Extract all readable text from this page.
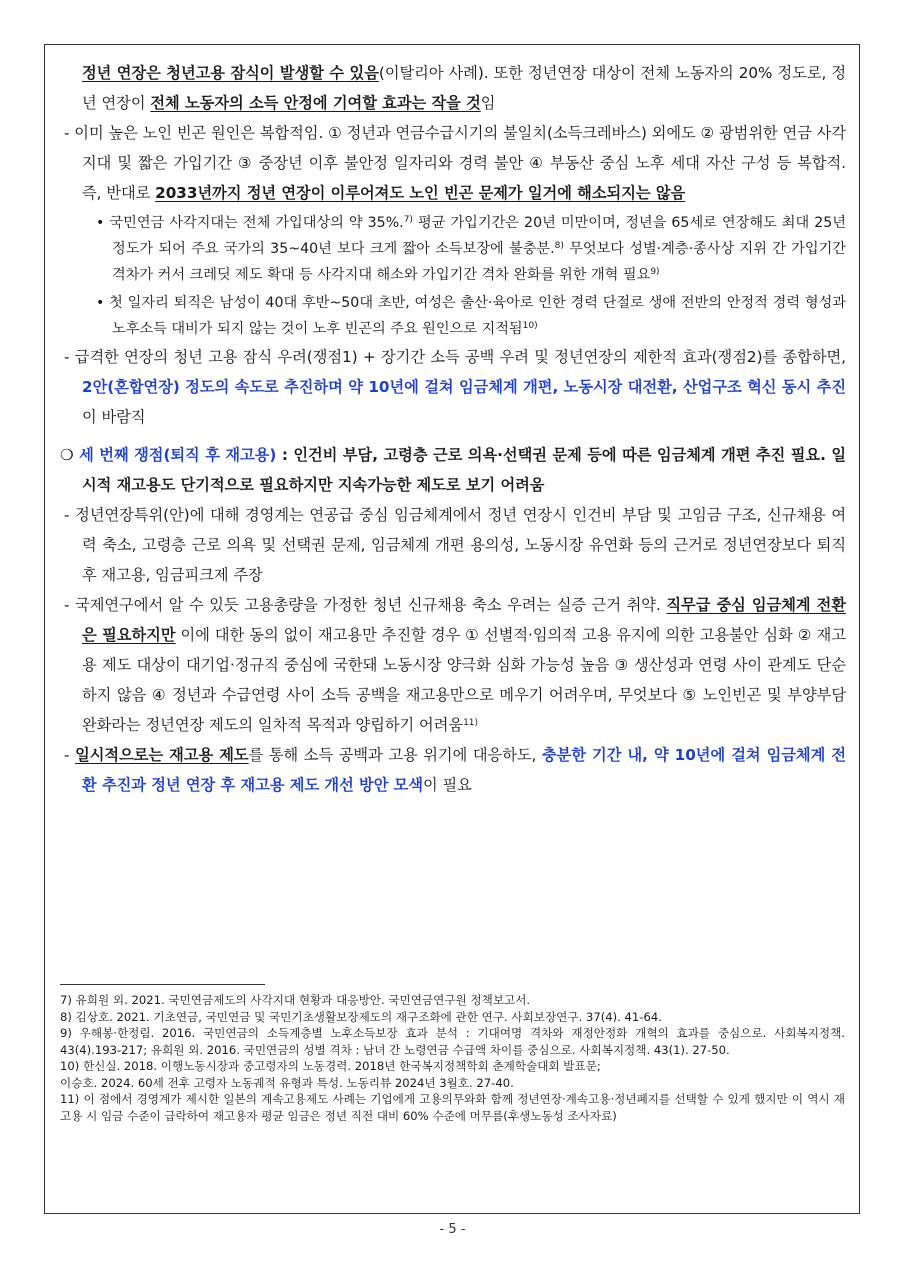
정년 연장은 청년고용 잠식이 발생할 수 있음(이탈리아 사례). 또한 정년연장 대상이 전체 노동자의 20% 정도로, 정년 연장이 전체 노동자의 소득 안정에 기여할 효과는 작을 것임

- 이미 높은 노인 빈곤 원인은 복합적임. ① 정년과 연금수급시기의 불일치(소득크레바스) 외에도 ② 광범위한 연금 사각지대 및 짧은 가입기간 ③ 중장년 이후 불안정 일자리와 경력 불안 ④ 부동산 중심 노후 세대 자산 구성 등 복합적. 즉, 반대로 2033년까지 정년 연장이 이루어져도 노인 빈곤 문제가 일거에 해소되지는 않음

• 국민연금 사각지대는 전체 가입대상의 약 35%.$^{7)}$ 평균 가입기간은 20년 미만이며, 정년을 65세로 연장해도 최대 25년 정도가 되어 주요 국가의 35~40년 보다 크게 짧아 소득보장에 불충분.$^{8)}$ 무엇보다 성별·계층·종사상 지위 간 가입기간 격차가 커서 크레딧 제도 확대 등 사각지대 해소와 가입기간 격차 완화를 위한 개혁 필요$^{9)}$

• 첫 일자리 퇴직은 남성이 40대 후반~50대 초반, 여성은 출산·육아로 인한 경력 단절로 생애 전반의 안정적 경력 형성과 노후소득 대비가 되지 않는 것이 노후 빈곤의 주요 원인으로 지적됨$^{10)}$

- 급격한 연장의 청년 고용 잠식 우려(쟁점1) + 장기간 소득 공백 우려 및 정년연장의 제한적 효과(쟁점2)를 종합하면, 2안(혼합연장) 정도의 속도로 추진하며 약 10년에 걸쳐 임금체계 개편, 노동시장 대전환, 산업구조 혁신 동시 추진이 바람직

❍ 세 번째 쟁점(퇴직 후 재고용) : 인건비 부담, 고령층 근로 의욕·선택권 문제 등에 따른 임금체계 개편 추진 필요. 일시적 재고용도 단기적으로 필요하지만 지속가능한 제도로 보기 어려움

- 정년연장특위(안)에 대해 경영계는 연공급 중심 임금체계에서 정년 연장시 인건비 부담 및 고임금 구조, 신규채용 여력 축소, 고령층 근로 의욕 및 선택권 문제, 임금체계 개편 용의성, 노동시장 유연화 등의 근거로 정년연장보다 퇴직 후 재고용, 임금피크제 주장

- 국제연구에서 알 수 있듯 고용총량을 가정한 청년 신규채용 축소 우려는 실증 근거 취약. 직무급 중심 임금체계 전환은 필요하지만 이에 대한 동의 없이 재고용만 추진할 경우 ① 선별적·임의적 고용 유지에 의한 고용불안 심화 ② 재고용 제도 대상이 대기업·정규직 중심에 국한돼 노동시장 양극화 심화 가능성 높음 ③ 생산성과 연령 사이 관계도 단순하지 않음 ④ 정년과 수급연령 사이 소득 공백을 재고용만으로 메우기 어려우며, 무엇보다 ⑤ 노인빈곤 및 부양부담 완화라는 정년연장 제도의 일차적 목적과 양립하기 어려움$^{11)}$

- 일시적으로는 재고용 제도를 통해 소득 공백과 고용 위기에 대응하도, 충분한 기간 내, 약 10년에 걸쳐 임금체계 전환 추진과 정년 연장 후 재고용 제도 개선 방안 모색이 필요

7) 유희원 외. 2021. 국민연금제도의 사각지대 현황과 대응방안. 국민연금연구원 정책보고서.
8) 김상호. 2021. 기초연금, 국민연금 및 국민기초생활보장제도의 재구조화에 관한 연구. 사회보장연구. 37(4). 41-64.
9) 우해봉·한정림. 2016. 국민연금의 소득계층별 노후소득보장 효과 분석 : 기대여명 격차와 재정안정화 개혁의 효과를 중심으로. 사회복지정책. 43(4).193-217; 유희원 외. 2016. 국민연금의 성별 격차 : 남녀 간 노령연금 수급액 차이를 중심으로. 사회복지정책. 43(1). 27-50.
10) 한신실. 2018. 이행노동시장과 중고령자의 노동경력. 2018년 한국복지정책학회 춘계학술대회 발표문;
이승호. 2024. 60세 전후 고령자 노동궤적 유형과 특성. 노동리뷰 2024년 3월호. 27-40.
11) 이 점에서 경영계가 제시한 일본의 계속고용제도 사례는 기업에게 고용의무와화 함께 정년연장·계속고용·정년폐지를 선택할 수 있게 했지만 이 역시 재고용 시 임금 수준이 급락하여 재고용자 평균 임금은 정년 직전 대비 60% 수준에 머무름(후생노동성 조사자료)
- 5 -
